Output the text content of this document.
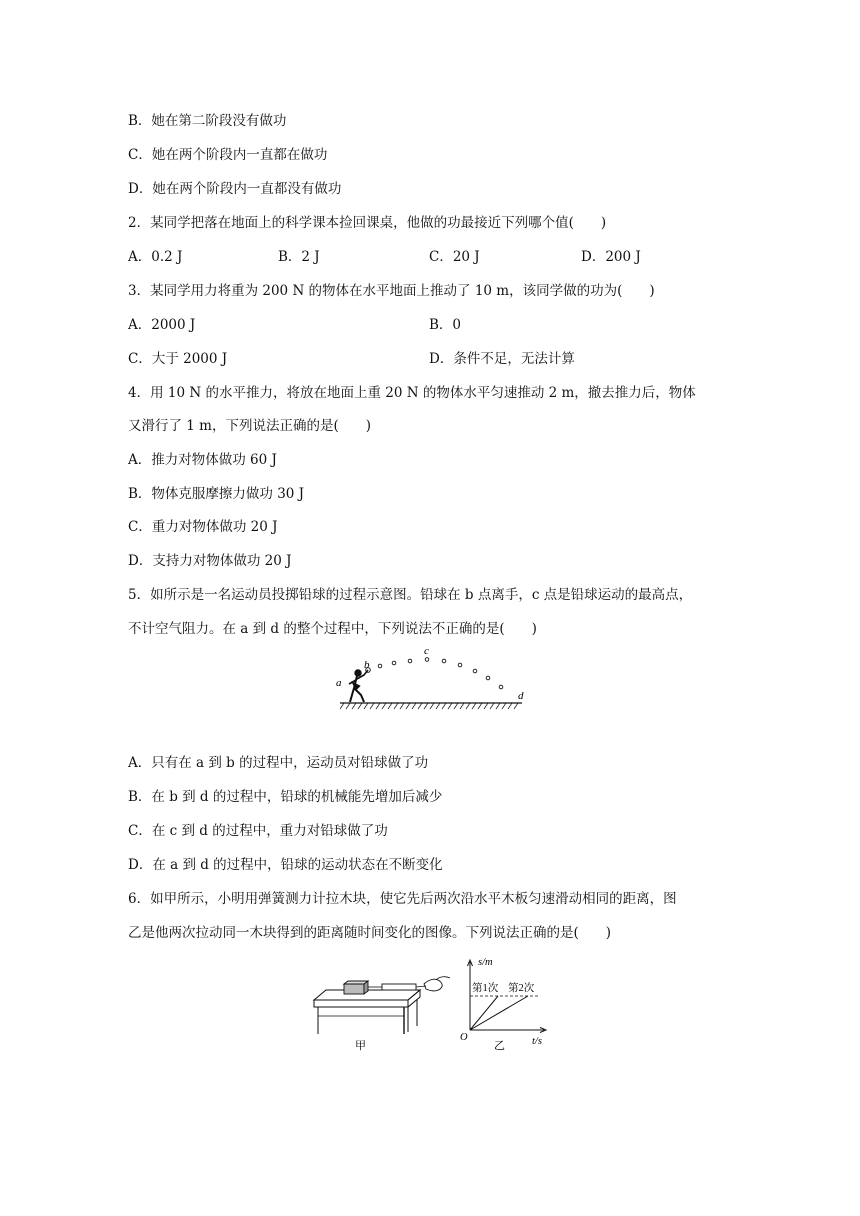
B．她在第二阶段没有做功
C．她在两个阶段内一直都在做功
D．她在两个阶段内一直都没有做功
2．某同学把落在地面上的科学课本捡回课桌，他做的功最接近下列哪个值(　　)
A．0.2 J	B．2 J	C．20 J	D．200 J
3．某同学用力将重为 200 N 的物体在水平地面上推动了 10 m，该同学做的功为(　　)
A．2000 J	B．0
C．大于 2000 J	D．条件不足，无法计算
4．用 10 N 的水平推力，将放在地面上重 20 N 的物体水平匀速推动 2 m，撤去推力后，物体
又滑行了 1 m，下列说法正确的是(　　)
A．推力对物体做功 60 J
B．物体克服摩擦力做功 30 J
C．重力对物体做功 20 J
D．支持力对物体做功 20 J
5．如所示是一名运动员投掷铅球的过程示意图。铅球在 b 点离手，c 点是铅球运动的最高点，
不计空气阻力。在 a 到 d 的整个过程中，下列说法不正确的是(　　)
a
b
c
d
A．只有在 a 到 b 的过程中，运动员对铅球做了功
B．在 b 到 d 的过程中，铅球的机械能先增加后减少
C．在 c 到 d 的过程中，重力对铅球做了功
D．在 a 到 d 的过程中，铅球的运动状态在不断变化
6．如甲所示，小明用弹簧测力计拉木块，使它先后两次沿水平木板匀速滑动相同的距离，图
乙是他两次拉动同一木块得到的距离随时间变化的图像。下列说法正确的是(　　)
甲
s/m
t/s
O
第1次 第2次
乙
